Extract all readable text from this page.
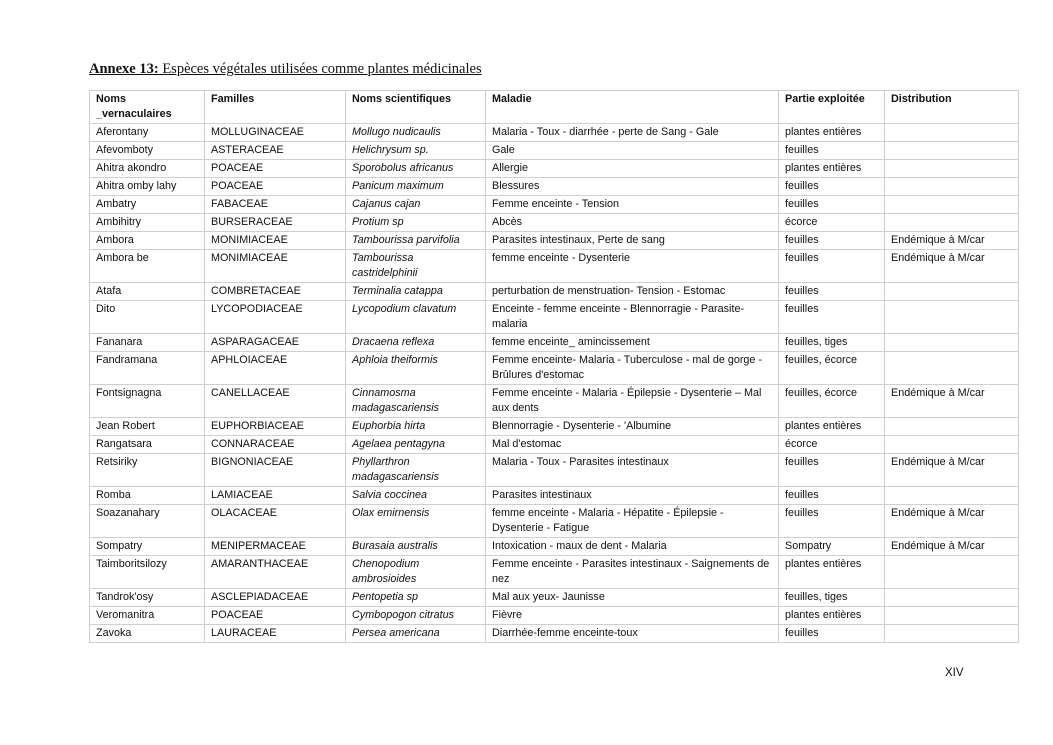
Annexe 13: Espèces végétales utilisées comme plantes médicinales
Noms _vernaculaires	Familles	Noms scientifiques	Maladie	Partie exploitée	Distribution
Aferontany	MOLLUGINACEAE	Mollugo nudicaulis	Malaria - Toux - diarrhée - perte de Sang - Gale	plantes entières	
Afevomboty	ASTERACEAE	Helichrysum sp.	Gale	feuilles	
Ahitra akondro	POACEAE	Sporobolus africanus	Allergie	plantes entières	
Ahitra omby lahy	POACEAE	Panicum maximum	Blessures	feuilles	
Ambatry	FABACEAE	Cajanus cajan	Femme enceinte - Tension	feuilles	
Ambihitry	BURSERACEAE	Protium sp	Abcès	écorce	
Ambora	MONIMIACEAE	Tambourissa parvifolia	Parasites intestinaux, Perte de sang	feuilles	Endémique à M/car
Ambora be	MONIMIACEAE	Tambourissa castridelphinii	femme enceinte - Dysenterie	feuilles	Endémique à M/car
Atafa	COMBRETACEAE	Terminalia catappa	perturbation de menstruation- Tension - Estomac	feuilles	
Dito	LYCOPODIACEAE	Lycopodium clavatum	Enceinte - femme enceinte - Blennorragie - Parasite-malaria	feuilles	
Fananara	ASPARAGACEAE	Dracaena reflexa	femme enceinte_ amincissement	feuilles, tiges	
Fandramana	APHLOIACEAE	Aphloia theiformis	Femme enceinte- Malaria - Tuberculose - mal de gorge - Brûlures d'estomac	feuilles, écorce	
Fontsignagna	CANELLACEAE	Cinnamosma madagascariensis	Femme enceinte - Malaria - Épilepsie - Dysenterie – Mal aux dents	feuilles, écorce	Endémique à M/car
Jean Robert	EUPHORBIACEAE	Euphorbia hirta	Blennorragie - Dysenterie - 'Albumine	plantes entières	
Rangatsara	CONNARACEAE	Agelaea pentagyna	Mal d'estomac	écorce	
Retsiriky	BIGNONIACEAE	Phyllarthron madagascariensis	Malaria - Toux - Parasites intestinaux	feuilles	Endémique à M/car
Romba	LAMIACEAE	Salvia coccinea	Parasites intestinaux	feuilles	
Soazanahary	OLACACEAE	Olax emirnensis	femme enceinte - Malaria - Hépatite - Épilepsie - Dysenterie - Fatigue	feuilles	Endémique à M/car
Sompatry	MENIPERMACEAE	Burasaia australis	Intoxication - maux de dent - Malaria	Sompatry	Endémique à M/car
Taimboritsilozy	AMARANTHACEAE	Chenopodium ambrosioides	Femme enceinte - Parasites intestinaux - Saignements de nez	plantes entières	
Tandrok'osy	ASCLEPIADACEAE	Pentopetia sp	Mal aux yeux- Jaunisse	feuilles, tiges	
Veromanitra	POACEAE	Cymbopogon citratus	Fièvre	plantes entières	
Zavoka	LAURACEAE	Persea americana	Diarrhée-femme enceinte-toux	feuilles	
XIV
